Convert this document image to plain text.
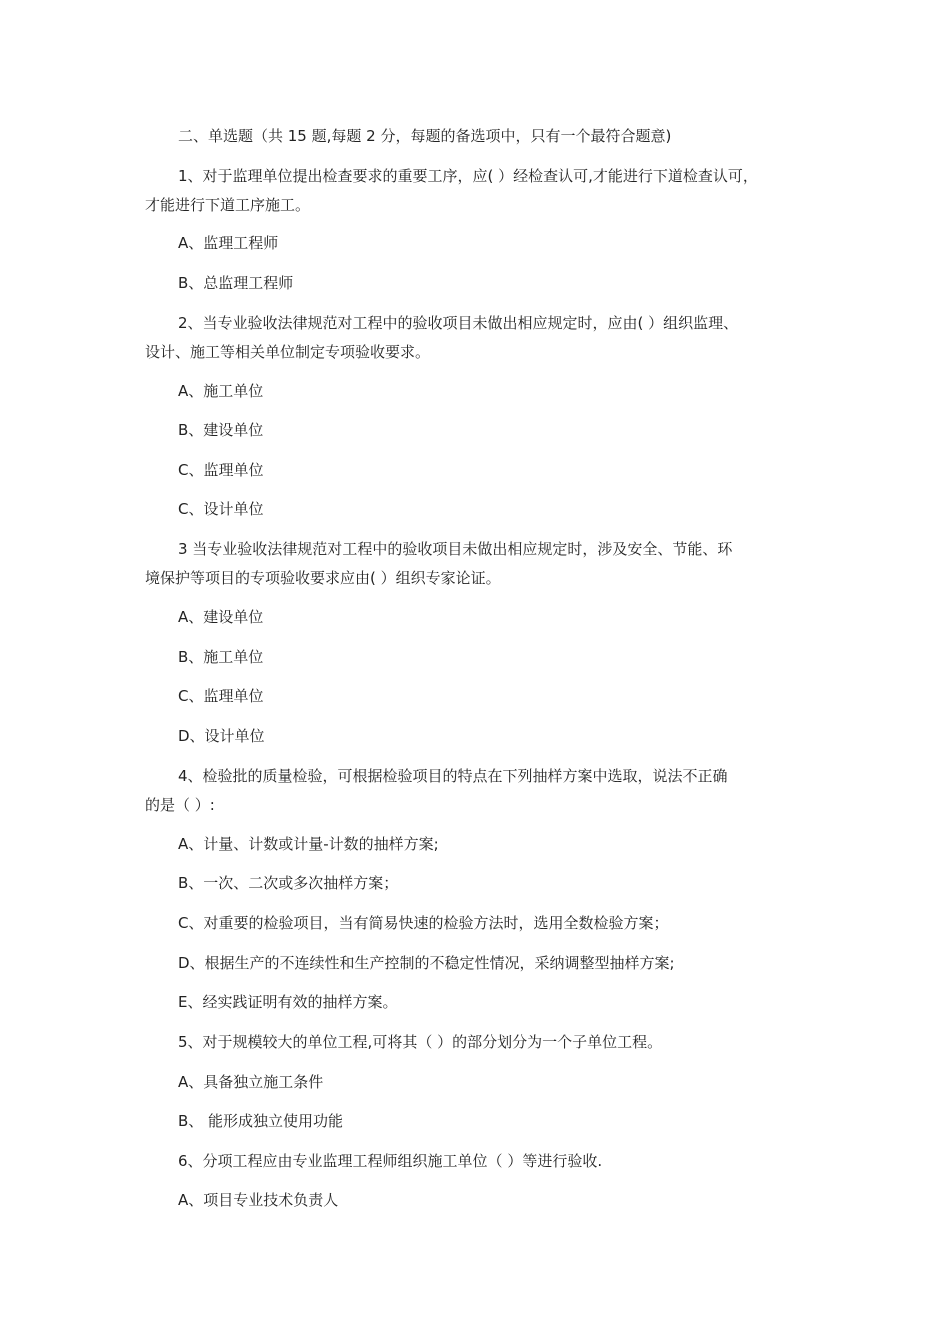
二、单选题（共 15 题,每题 2 分，每题的备选项中，只有一个最符合题意)
1、对于监理单位提出检查要求的重要工序，应( ）经检查认可,才能进行下道检查认可，
才能进行下道工序施工。
A、监理工程师
B、总监理工程师
2、当专业验收法律规范对工程中的验收项目未做出相应规定时，应由( ）组织监理、
设计、施工等相关单位制定专项验收要求。
A、施工单位
B、建设单位
C、监理单位
C、设计单位
3 当专业验收法律规范对工程中的验收项目未做出相应规定时，涉及安全、节能、环
境保护等项目的专项验收要求应由( ）组织专家论证。
A、建设单位
B、施工单位
C、监理单位
D、设计单位
4、检验批的质量检验，可根据检验项目的特点在下列抽样方案中选取，说法不正确
的是（ ）:
A、计量、计数或计量-计数的抽样方案;
B、一次、二次或多次抽样方案；
C、对重要的检验项目，当有简易快速的检验方法时，选用全数检验方案；
D、根据生产的不连续性和生产控制的不稳定性情况，采纳调整型抽样方案;
E、经实践证明有效的抽样方案。
5、对于规模较大的单位工程,可将其（ ）的部分划分为一个子单位工程。
A、具备独立施工条件
B、 能形成独立使用功能
6、分项工程应由专业监理工程师组织施工单位（ ）等进行验收.
A、项目专业技术负责人
